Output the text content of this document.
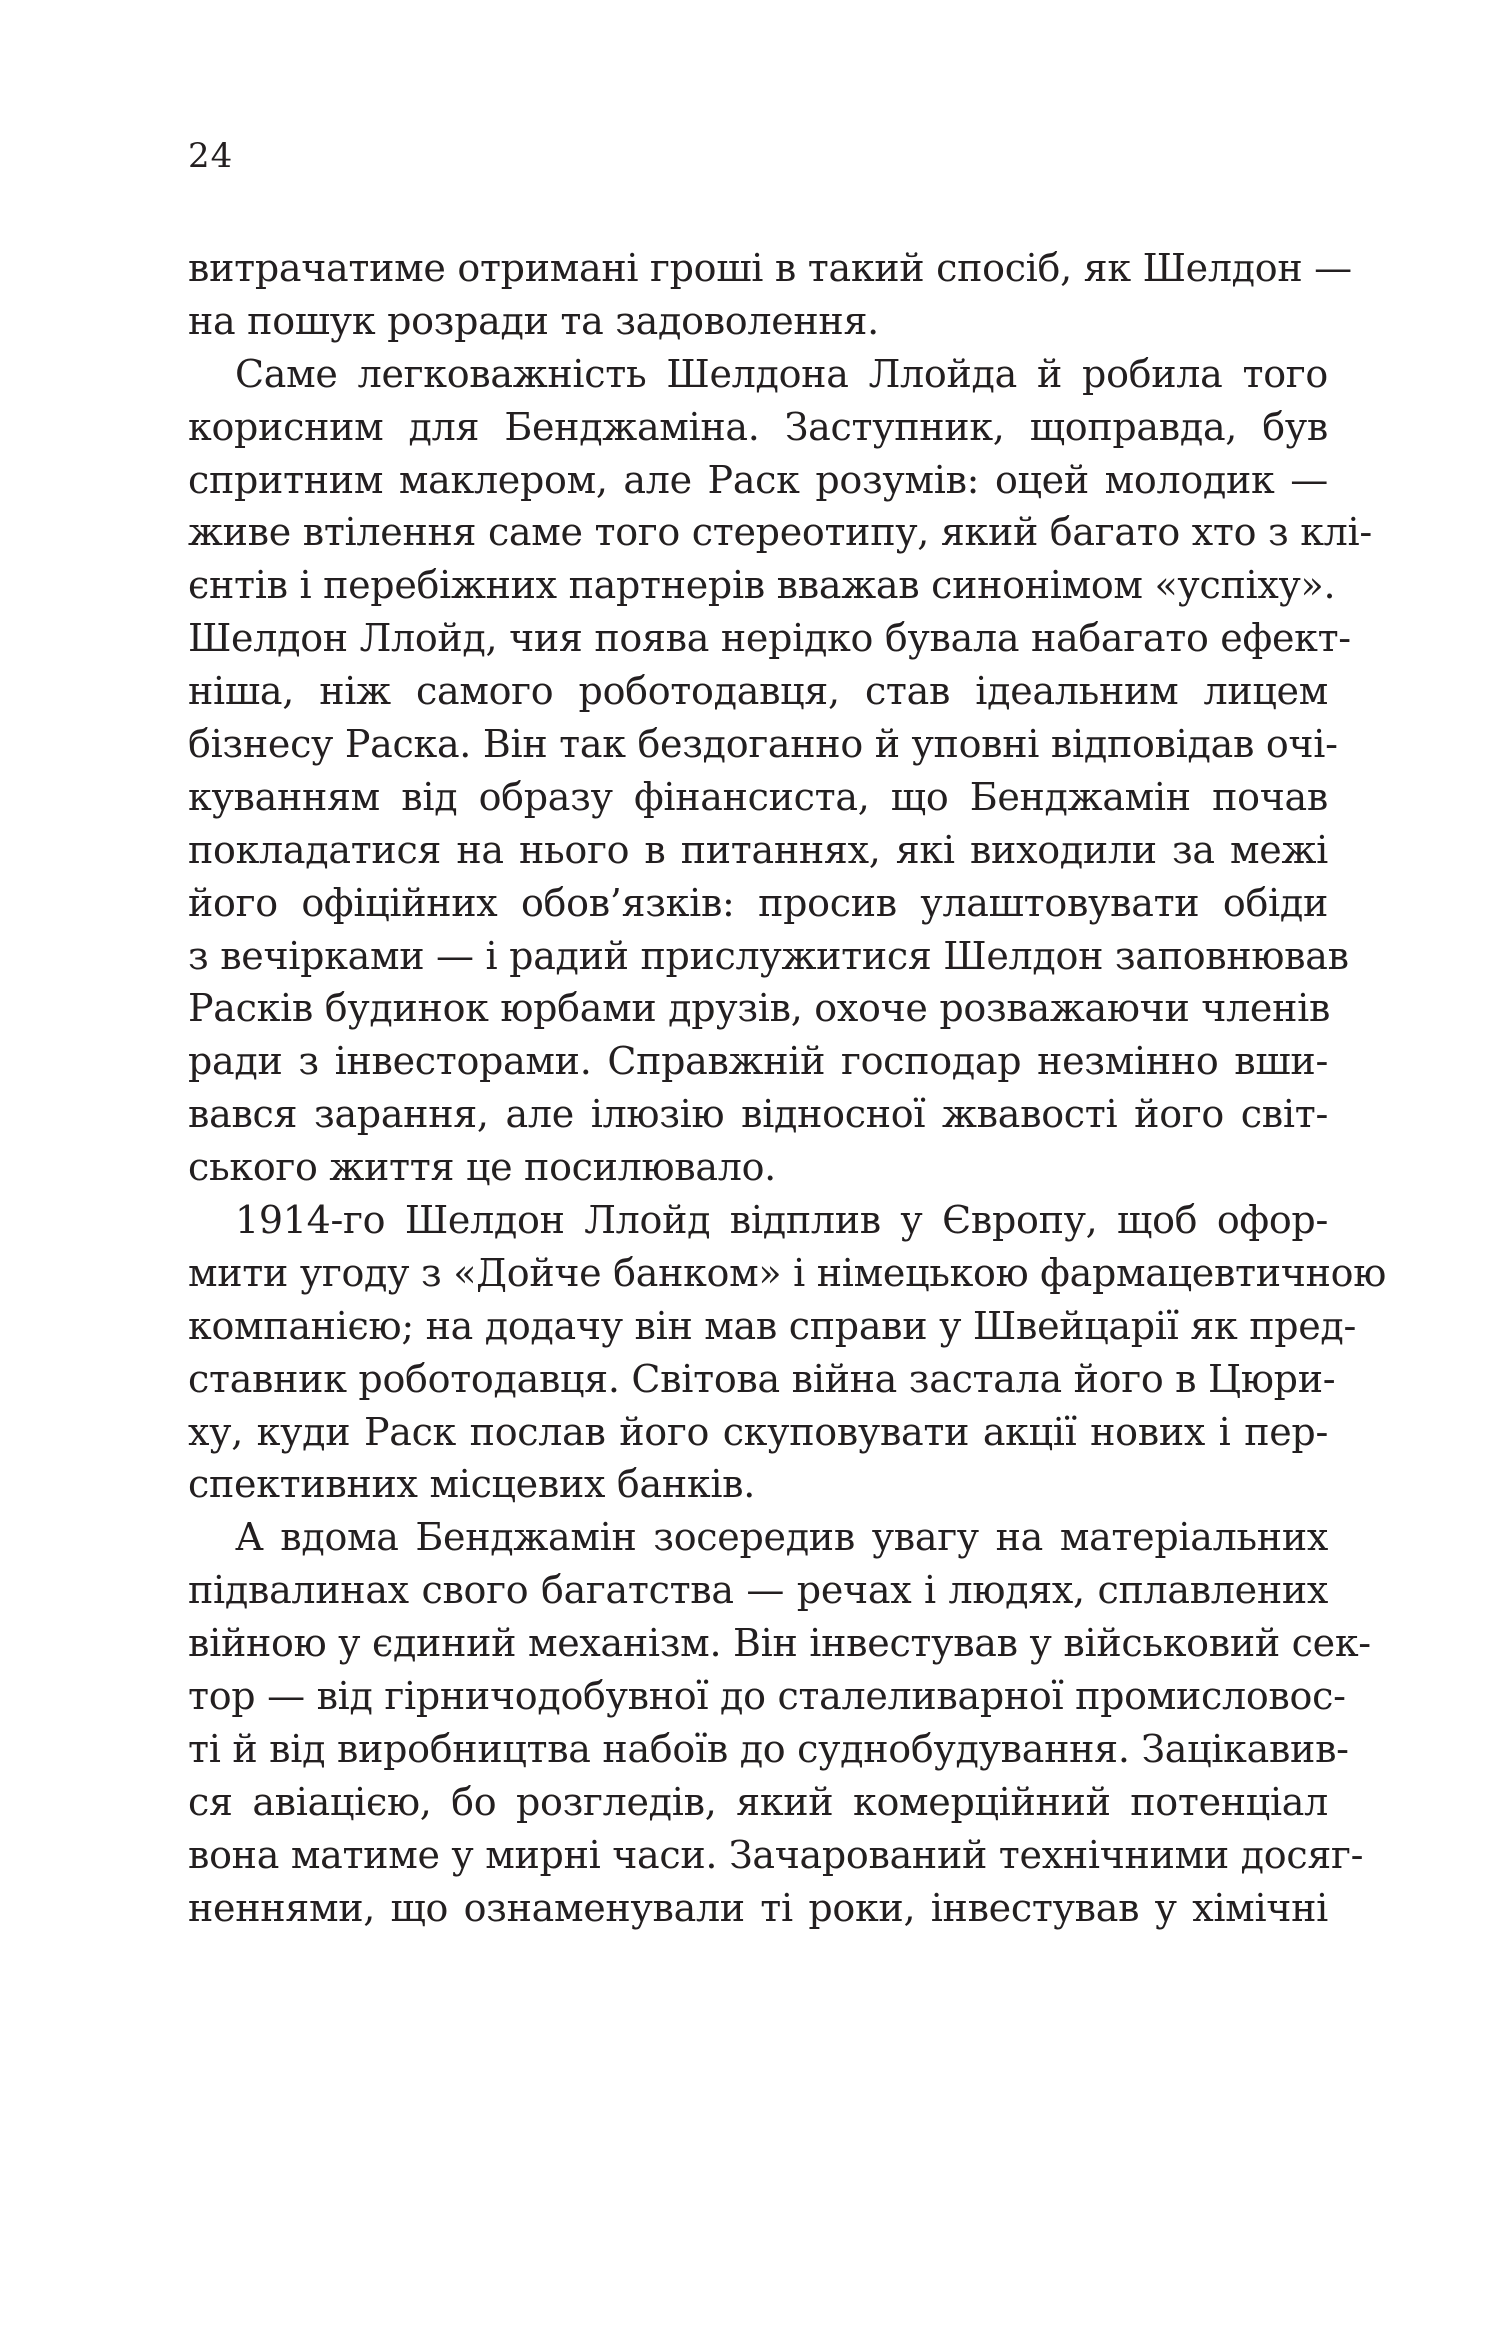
24
витрачатиме отримані гроші в такий спосіб, як Шелдон —
на пошук розради та задоволення.
Саме легковажність Шелдона Ллойда й робила того
корисним для Бенджаміна. Заступник, щоправда, був
спритним маклером, але Раск розумів: оцей молодик —
живе втілення саме того стереотипу, який багато хто з клі-
єнтів і перебіжних партнерів вважав синонімом «успіху».
Шелдон Ллойд, чия поява нерідко бувала набагато ефект-
ніша, ніж самого роботодавця, став ідеальним лицем
бізнесу Раска. Він так бездоганно й уповні відповідав очі-
куванням від образу фінансиста, що Бенджамін почав
покладатися на нього в питаннях, які виходили за межі
його офіційних обов’язків: просив улаштовувати обіди
з вечірками — і радий прислужитися Шелдон заповнював
Расків будинок юрбами друзів, охоче розважаючи членів
ради з інвесторами. Справжній господар незмінно вши-
вався зарання, але ілюзію відносної жвавості його світ-
ського життя це посилювало.
1914-го Шелдон Ллойд відплив у Європу, щоб офор-
мити угоду з «Дойче банком» і німецькою фармацевтичною
компанією; на додачу він мав справи у Швейцарії як пред-
ставник роботодавця. Світова війна застала його в Цюри-
ху, куди Раск послав його скуповувати акції нових і пер-
спективних місцевих банків.
А вдома Бенджамін зосередив увагу на матеріальних
підвалинах свого багатства — речах і людях, сплавлених
війною у єдиний механізм. Він інвестував у військовий сек-
тор — від гірничодобувної до сталеливарної промисловос-
ті й від виробництва набоїв до суднобудування. Зацікавив-
ся авіацією, бо розгледів, який комерційний потенціал
вона матиме у мирні часи. Зачарований технічними досяг-
неннями, що ознаменували ті роки, інвестував у хімічні
